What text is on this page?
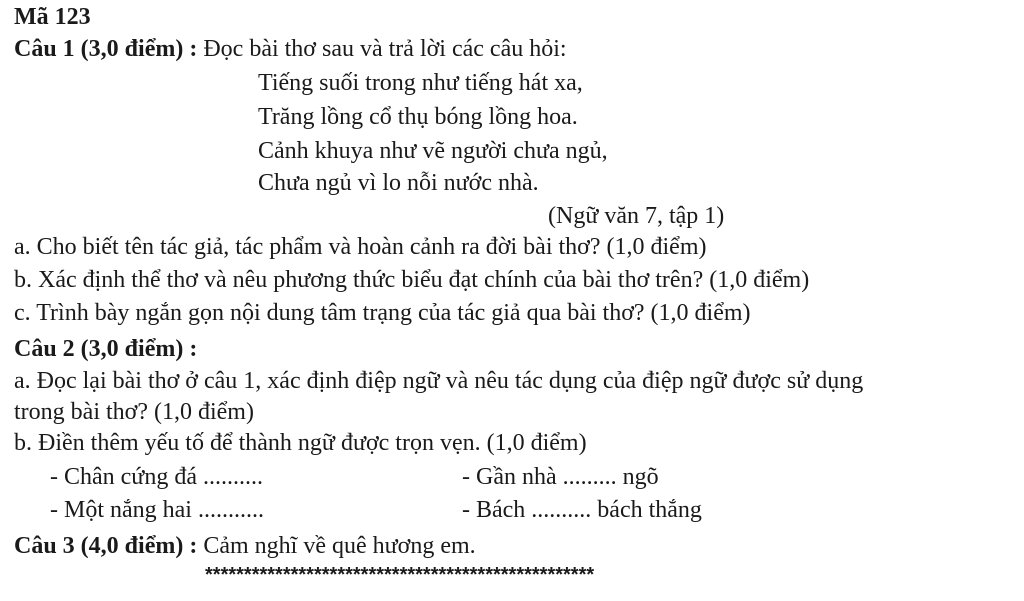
Mã 123
Câu 1 (3,0 điểm) : Đọc bài thơ sau và trả lời các câu hỏi:
Tiếng suối trong như tiếng hát xa,
Trăng lồng cổ thụ bóng lồng hoa.
Cảnh khuya như vẽ người chưa ngủ,
Chưa ngủ vì lo nỗi nước nhà.
(Ngữ văn 7, tập 1)
a. Cho biết tên tác giả, tác phẩm và hoàn cảnh ra đời bài thơ? (1,0 điểm)
b. Xác định thể thơ và nêu phương thức biểu đạt chính của bài thơ trên? (1,0 điểm)
c. Trình bày ngắn gọn nội dung tâm trạng của tác giả qua bài thơ? (1,0 điểm)
Câu 2 (3,0 điểm) :
a. Đọc lại bài thơ ở câu 1, xác định điệp ngữ và nêu tác dụng của điệp ngữ được sử dụng
trong bài thơ? (1,0 điểm)
b. Điền thêm yếu tố để thành ngữ được trọn vẹn. (1,0 điểm)
- Chân cứng đá ..........	- Gần nhà ......... ngõ
- Một nắng hai ...........	- Bách .......... bách thắng
Câu 3 (4,0 điểm) : Cảm nghĩ về quê hương em.
**************************************************
